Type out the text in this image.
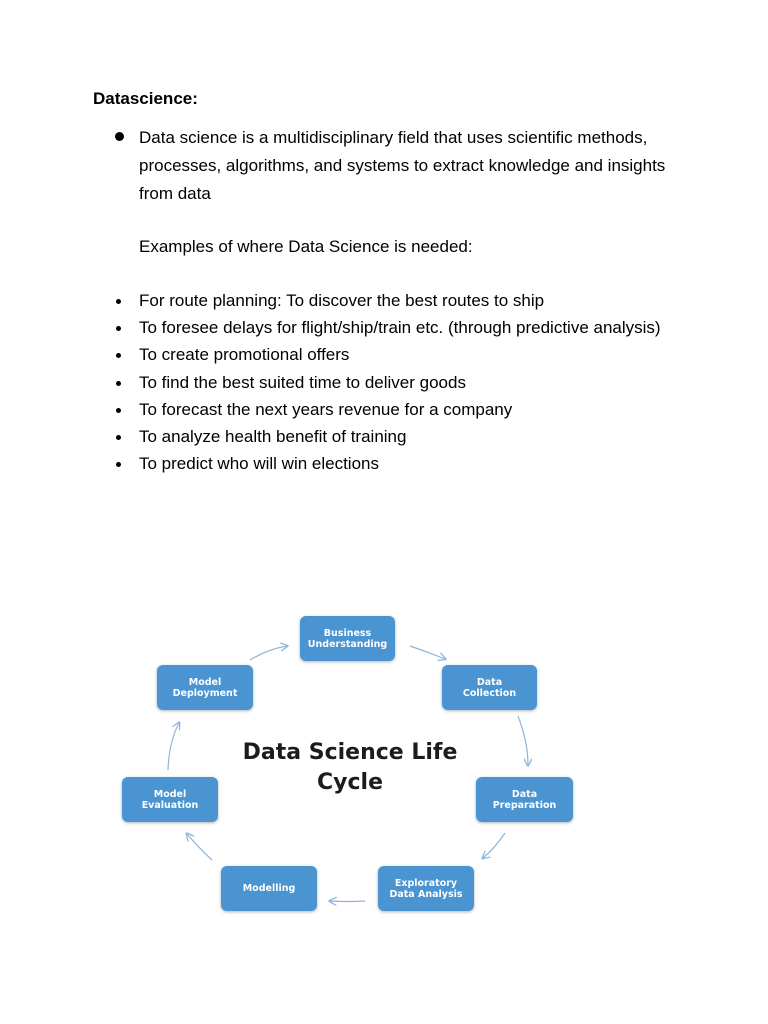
Datascience:
Data science is a multidisciplinary field that uses scientific methods, processes, algorithms, and systems to extract knowledge and insights from data
Examples of where Data Science is needed:
For route planning: To discover the best routes to ship
To foresee delays for flight/ship/train etc. (through predictive analysis)
To create promotional offers
To find the best suited time to deliver goods
To forecast the next years revenue for a company
To analyze health benefit of training
To predict who will win elections
Business
Understanding
Data
Collection
Data
Preparation
Exploratory
Data Analysis
Modelling
Model
Evaluation
Model
Deployment
Data Science Life Cycle
